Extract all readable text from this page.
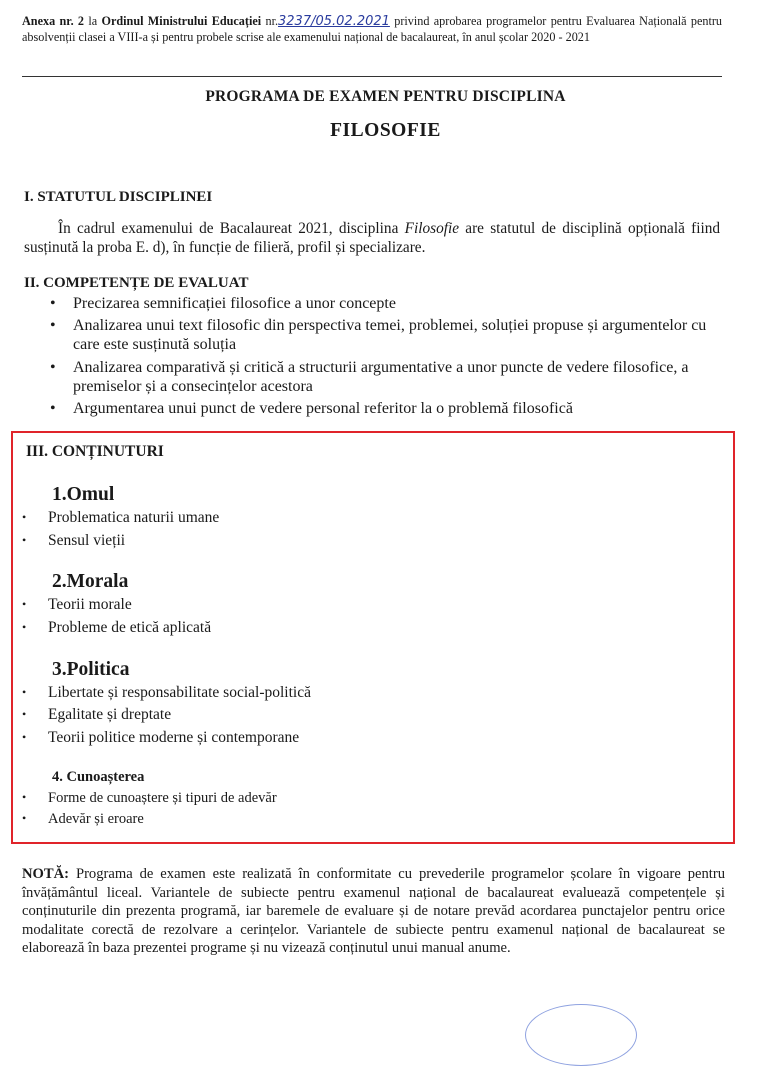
Anexa nr. 2 la Ordinul Ministrului Educației nr.3237/05.02.2021 privind aprobarea programelor pentru Evaluarea Națională pentru absolvenții clasei a VIII-a și pentru probele scrise ale examenului național de bacalaureat, în anul școlar 2020 - 2021
PROGRAMA DE EXAMEN PENTRU DISCIPLINA
FILOSOFIE
I. STATUTUL DISCIPLINEI
În cadrul examenului de Bacalaureat 2021, disciplina Filosofie are statutul de disciplină opțională fiind susținută la proba E. d), în funcție de filieră, profil și specializare.
II. COMPETENȚE DE EVALUAT
• Precizarea semnificației filosofice a unor concepte
• Analizarea unui text filosofic din perspectiva temei, problemei, soluției propuse și argumentelor cu care este susținută soluția
• Analizarea comparativă și critică a structurii argumentative a unor puncte de vedere filosofice, a premiselor și a consecințelor acestora
• Argumentarea unui punct de vedere personal referitor la o problemă filosofică
III. CONȚINUTURI
1.Omul
• Problematica naturii umane
• Sensul vieții
2.Morala
• Teorii morale
• Probleme de etică aplicată
3.Politica
• Libertate și responsabilitate social-politică
• Egalitate și dreptate
• Teorii politice moderne și contemporane
4. Cunoașterea
• Forme de cunoaștere și tipuri de adevăr
• Adevăr și eroare
NOTĂ: Programa de examen este realizată în conformitate cu prevederile programelor școlare în vigoare pentru învățământul liceal. Variantele de subiecte pentru examenul național de bacalaureat evaluează competențele și conținuturile din prezenta programă, iar baremele de evaluare și de notare prevăd acordarea punctajelor pentru orice modalitate corectă de rezolvare a cerințelor. Variantele de subiecte pentru examenul național de bacalaureat se elaborează în baza prezentei programe și nu vizează conținutul unui manual anume.
